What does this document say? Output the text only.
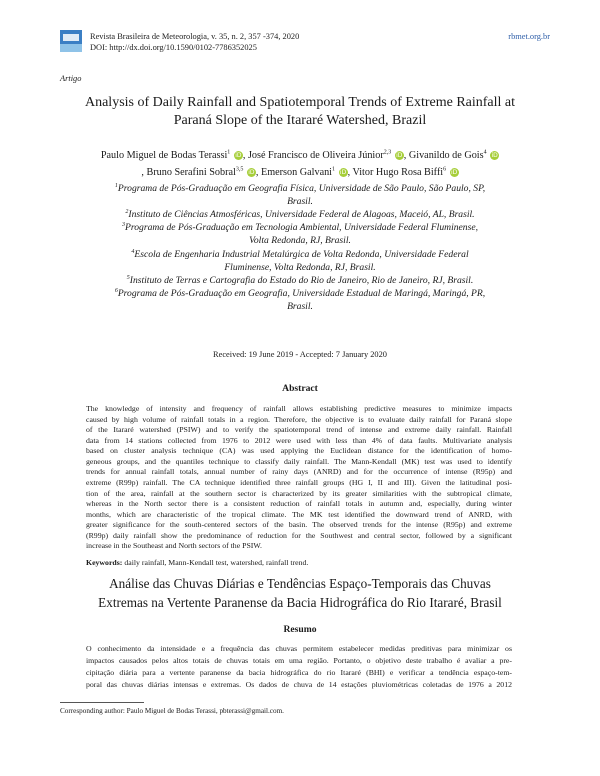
Revista Brasileira de Meteorologia, v. 35, n. 2, 357 -374, 2020
DOI: http://dx.doi.org/10.1590/0102-7786352025
rbmet.org.br
Artigo
Analysis of Daily Rainfall and Spatiotemporal Trends of Extreme Rainfall at
Paraná Slope of the Itararé Watershed, Brazil
Paulo Miguel de Bodas Terassi$^1$ iD, José Francisco de Oliveira Júnior$^{2,3}$ iD, Givanildo de Gois$^4$ iD
, Bruno Serafini Sobral$^{3,5}$ iD, Emerson Galvani$^1$ iD, Vitor Hugo Rosa Biffi$^6$ iD
$^1$Programa de Pós-Graduação em Geografia Física, Universidade de São Paulo, São Paulo, SP,
Brasil.
$^2$Instituto de Ciências Atmosféricas, Universidade Federal de Alagoas, Maceió, AL, Brasil.
$^3$Programa de Pós-Graduação em Tecnologia Ambiental, Universidade Federal Fluminense,
Volta Redonda, RJ, Brasil.
$^4$Escola de Engenharia Industrial Metalúrgica de Volta Redonda, Universidade Federal
Fluminense, Volta Redonda, RJ, Brasil.
$^5$Instituto de Terras e Cartografia do Estado do Rio de Janeiro, Rio de Janeiro, RJ, Brasil.
$^6$Programa de Pós-Graduação em Geografia, Universidade Estadual de Maringá, Maringá, PR,
Brasil.
Received: 19 June 2019 - Accepted: 7 January 2020
Abstract
The knowledge of intensity and frequency of rainfall allows establishing predictive measures to minimize impacts
caused by high volume of rainfall totals in a region. Therefore, the objective is to evaluate daily rainfall for Paraná slope
of the Itararé watershed (PSIW) and to verify the spatiotemporal trend of intense and extreme daily rainfall. Rainfall
data from 14 stations collected from 1976 to 2012 were used with less than 4% of data faults. Multivariate analysis
based on cluster analysis technique (CA) was used applying the Euclidean distance for the identification of homo-
geneous groups, and the quantiles technique to classify daily rainfall. The Mann-Kendall (MK) test was used to identify
trends for annual rainfall totals, annual number of rainy days (ANRD) and for the occurrence of intense (R95p) and
extreme (R99p) rainfall. The CA technique identified three rainfall groups (HG I, II and III). Given the latitudinal posi-
tion of the area, rainfall at the southern sector is characterized by its greater similarities with the subtropical climate,
whereas in the North sector there is a consistent reduction of rainfall totals in autumn and, especially, during winter
months, which are characteristic of the tropical climate. The MK test identified the downward trend of ANRD, with
greater significance for the south-centered sectors of the basin. The observed trends for the intense (R95p) and extreme
(R99p) daily rainfall show the predominance of reduction for the Southwest and central sector, followed by a significant
increase in the Southeast and North sectors of the PSIW.
Keywords: daily rainfall, Mann-Kendall test, watershed, rainfall trend.
Análise das Chuvas Diárias e Tendências Espaço-Temporais das Chuvas
Extremas na Vertente Paranense da Bacia Hidrográfica do Rio Itararé, Brasil
Resumo
O conhecimento da intensidade e a frequência das chuvas permitem estabelecer medidas preditivas para minimizar os
impactos causados pelos altos totais de chuvas totais em uma região. Portanto, o objetivo deste trabalho é avaliar a pre-
cipitação diária para a vertente paranense da bacia hidrográfica do rio Itararé (BHI) e verificar a tendência espaço-tem-
poral das chuvas diárias intensas e extremas. Os dados de chuva de 14 estações pluviométricas coletadas de 1976 a 2012
Corresponding author: Paulo Miguel de Bodas Terassi, pbterassi@gmail.com.
